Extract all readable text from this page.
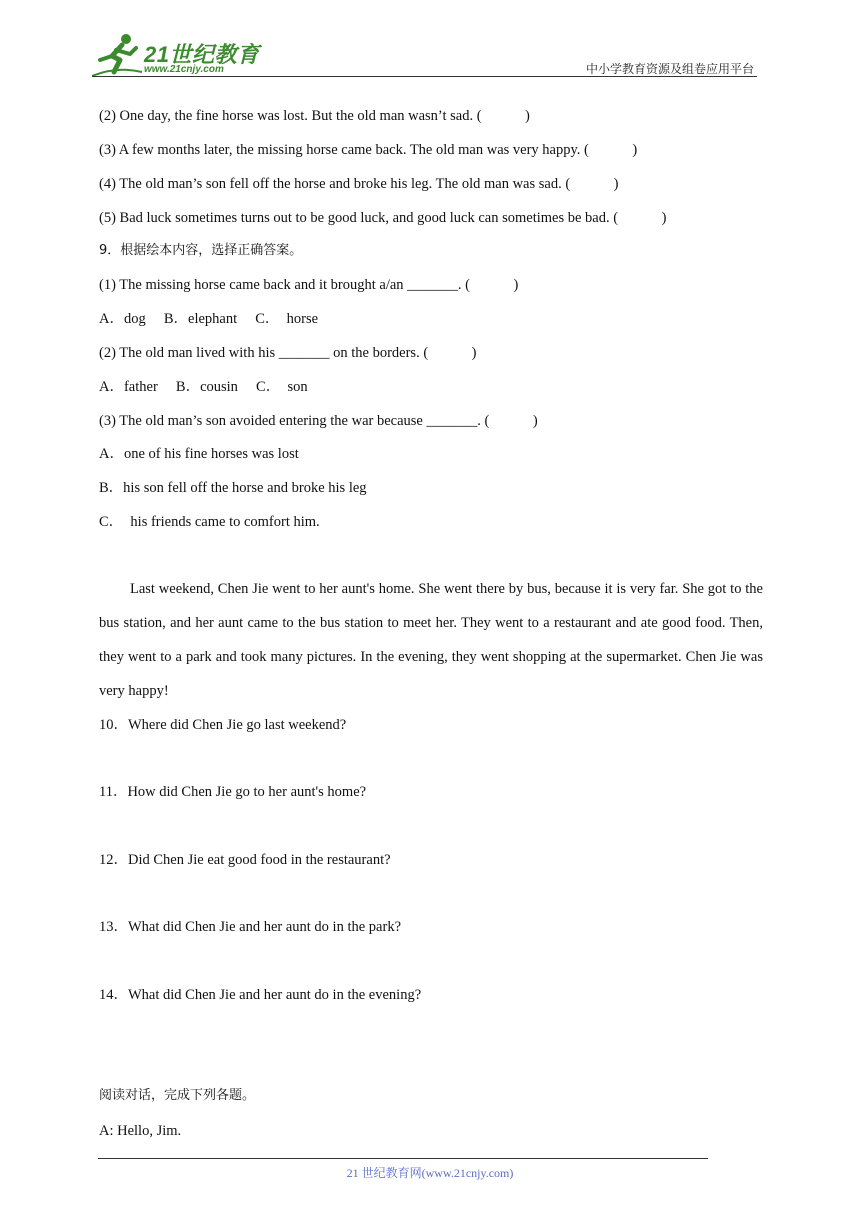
21世纪教育
www.21cnjy.com	中小学教育资源及组卷应用平台
(2) One day, the fine horse was lost. But the old man wasn’t sad. (            )
(3) A few months later, the missing horse came back. The old man was very happy. (            )
(4) The old man’s son fell off the horse and broke his leg. The old man was sad. (            )
(5) Bad luck sometimes turns out to be good luck, and good luck can sometimes be bad. (            )
9．根据绘本内容，选择正确答案。
(1) The missing horse came back and it brought a/an _______. (            )
A．dog     B．elephant     C．  horse
(2) The old man lived with his _______ on the borders. (            )
A．father     B．cousin     C．  son
(3) The old man’s son avoided entering the war because _______. (            )
A．one of his fine horses was lost
B．his son fell off the horse and broke his leg
C．  his friends came to comfort him.
Last weekend, Chen Jie went to her aunt's home. She went there by bus, because it is very far. She got to the bus station, and her aunt came to the bus station to meet her. They went to a restaurant and ate good food. Then, they went to a park and took many pictures. In the evening, they went shopping at the supermarket. Chen Jie was very happy!
10．Where did Chen Jie go last weekend?
11．How did Chen Jie go to her aunt's home?
12．Did Chen Jie eat good food in the restaurant?
13．What did Chen Jie and her aunt do in the park?
14．What did Chen Jie and her aunt do in the evening?
阅读对话，完成下列各题。
A: Hello, Jim.
21 世纪教育网(www.21cnjy.com)
